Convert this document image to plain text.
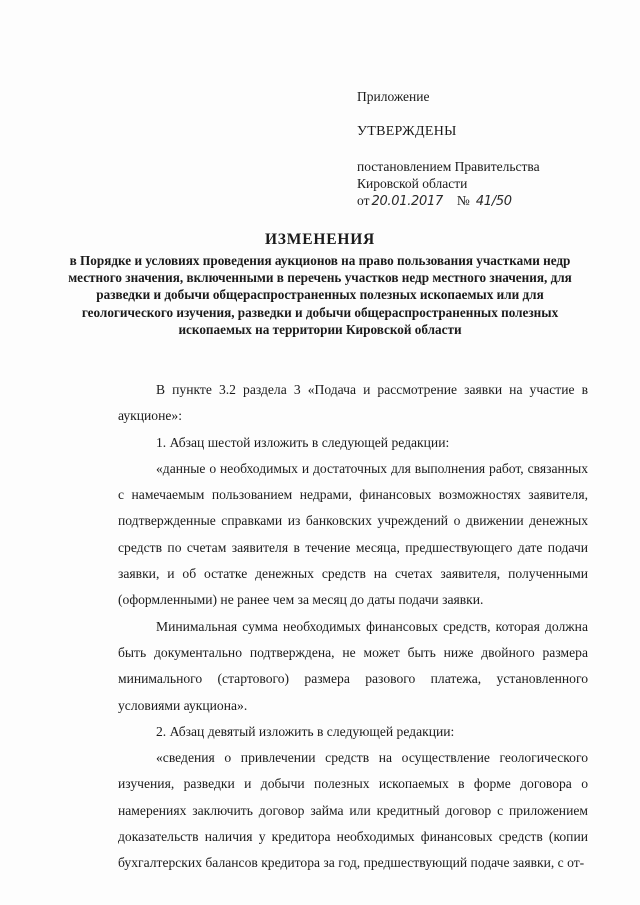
Приложение

УТВЕРЖДЕНЫ

постановлением Правительства

Кировской области

от 20.01.2017 № 41/50

ИЗМЕНЕНИЯ

в Порядке и условиях проведения аукционов на право пользования участками недр местного значения, включенными в перечень участков недр местного значения, для разведки и добычи общераспространенных полезных ископаемых или для геологического изучения, разведки и добычи общераспространенных полезных ископаемых на территории Кировской области

В пункте 3.2 раздела 3 «Подача и рассмотрение заявки на участие в аукционе»:

1. Абзац шестой изложить в следующей редакции:

«данные о необходимых и достаточных для выполнения работ, связанных с намечаемым пользованием недрами, финансовых возможностях заявителя, подтвержденные справками из банковских учреждений о движении денежных средств по счетам заявителя в течение месяца, предшествующего дате подачи заявки, и об остатке денежных средств на счетах заявителя, полученными (оформленными) не ранее чем за месяц до даты подачи заявки.

Минимальная сумма необходимых финансовых средств, которая должна быть документально подтверждена, не может быть ниже двойного размера минимального (стартового) размера разового платежа, установленного условиями аукциона».

2. Абзац девятый изложить в следующей редакции:

«сведения о привлечении средств на осуществление геологического изучения, разведки и добычи полезных ископаемых в форме договора о намерениях заключить договор займа или кредитный договор с приложением доказательств наличия у кредитора необходимых финансовых средств (копии бухгалтерских балансов кредитора за год, предшествующий подаче заявки, с от-
